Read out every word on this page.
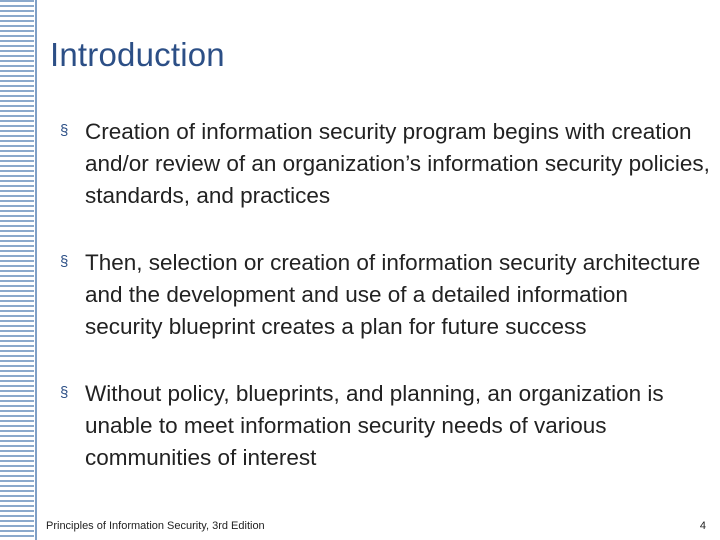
Introduction
§ Creation of information security program begins with creation and/or review of an organization’s information security policies, standards, and practices
§ Then, selection or creation of information security architecture and the development and use of a detailed information security blueprint creates a plan for future success
§ Without policy, blueprints, and planning, an organization is unable to meet information security needs of various communities of interest
Principles of Information Security, 3rd Edition	4
